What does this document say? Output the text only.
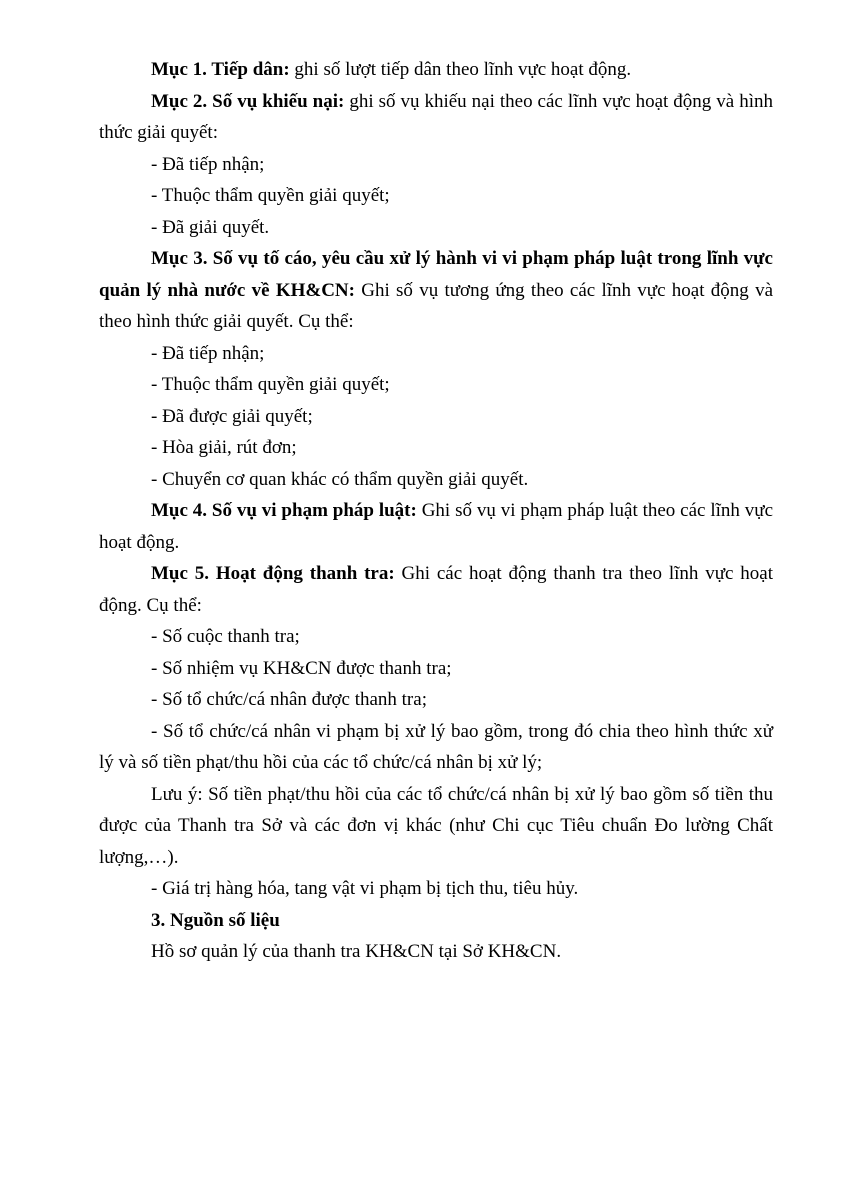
Mục 1. Tiếp dân: ghi số lượt tiếp dân theo lĩnh vực hoạt động.
Mục 2. Số vụ khiếu nại: ghi số vụ khiếu nại theo các lĩnh vực hoạt động và hình thức giải quyết:
- Đã tiếp nhận;
- Thuộc thẩm quyền giải quyết;
- Đã giải quyết.
Mục 3. Số vụ tố cáo, yêu cầu xử lý hành vi vi phạm pháp luật trong lĩnh vực quản lý nhà nước về KH&CN: Ghi số vụ tương ứng theo các lĩnh vực hoạt động và theo hình thức giải quyết. Cụ thể:
- Đã tiếp nhận;
- Thuộc thẩm quyền giải quyết;
- Đã được giải quyết;
- Hòa giải, rút đơn;
- Chuyển cơ quan khác có thẩm quyền giải quyết.
Mục 4. Số vụ vi phạm pháp luật: Ghi số vụ vi phạm pháp luật theo các lĩnh vực hoạt động.
Mục 5. Hoạt động thanh tra: Ghi các hoạt động thanh tra theo lĩnh vực hoạt động. Cụ thể:
- Số cuộc thanh tra;
- Số nhiệm vụ KH&CN được thanh tra;
- Số tổ chức/cá nhân được thanh tra;
- Số tổ chức/cá nhân vi phạm bị xử lý bao gồm, trong đó chia theo hình thức xử lý và số tiền phạt/thu hồi của các tổ chức/cá nhân bị xử lý;
Lưu ý: Số tiền phạt/thu hồi của các tổ chức/cá nhân bị xử lý bao gồm số tiền thu được của Thanh tra Sở và các đơn vị khác (như Chi cục Tiêu chuẩn Đo lường Chất lượng,…).
- Giá trị hàng hóa, tang vật vi phạm bị tịch thu, tiêu hủy.
3. Nguồn số liệu
Hồ sơ quản lý của thanh tra KH&CN tại Sở KH&CN.
